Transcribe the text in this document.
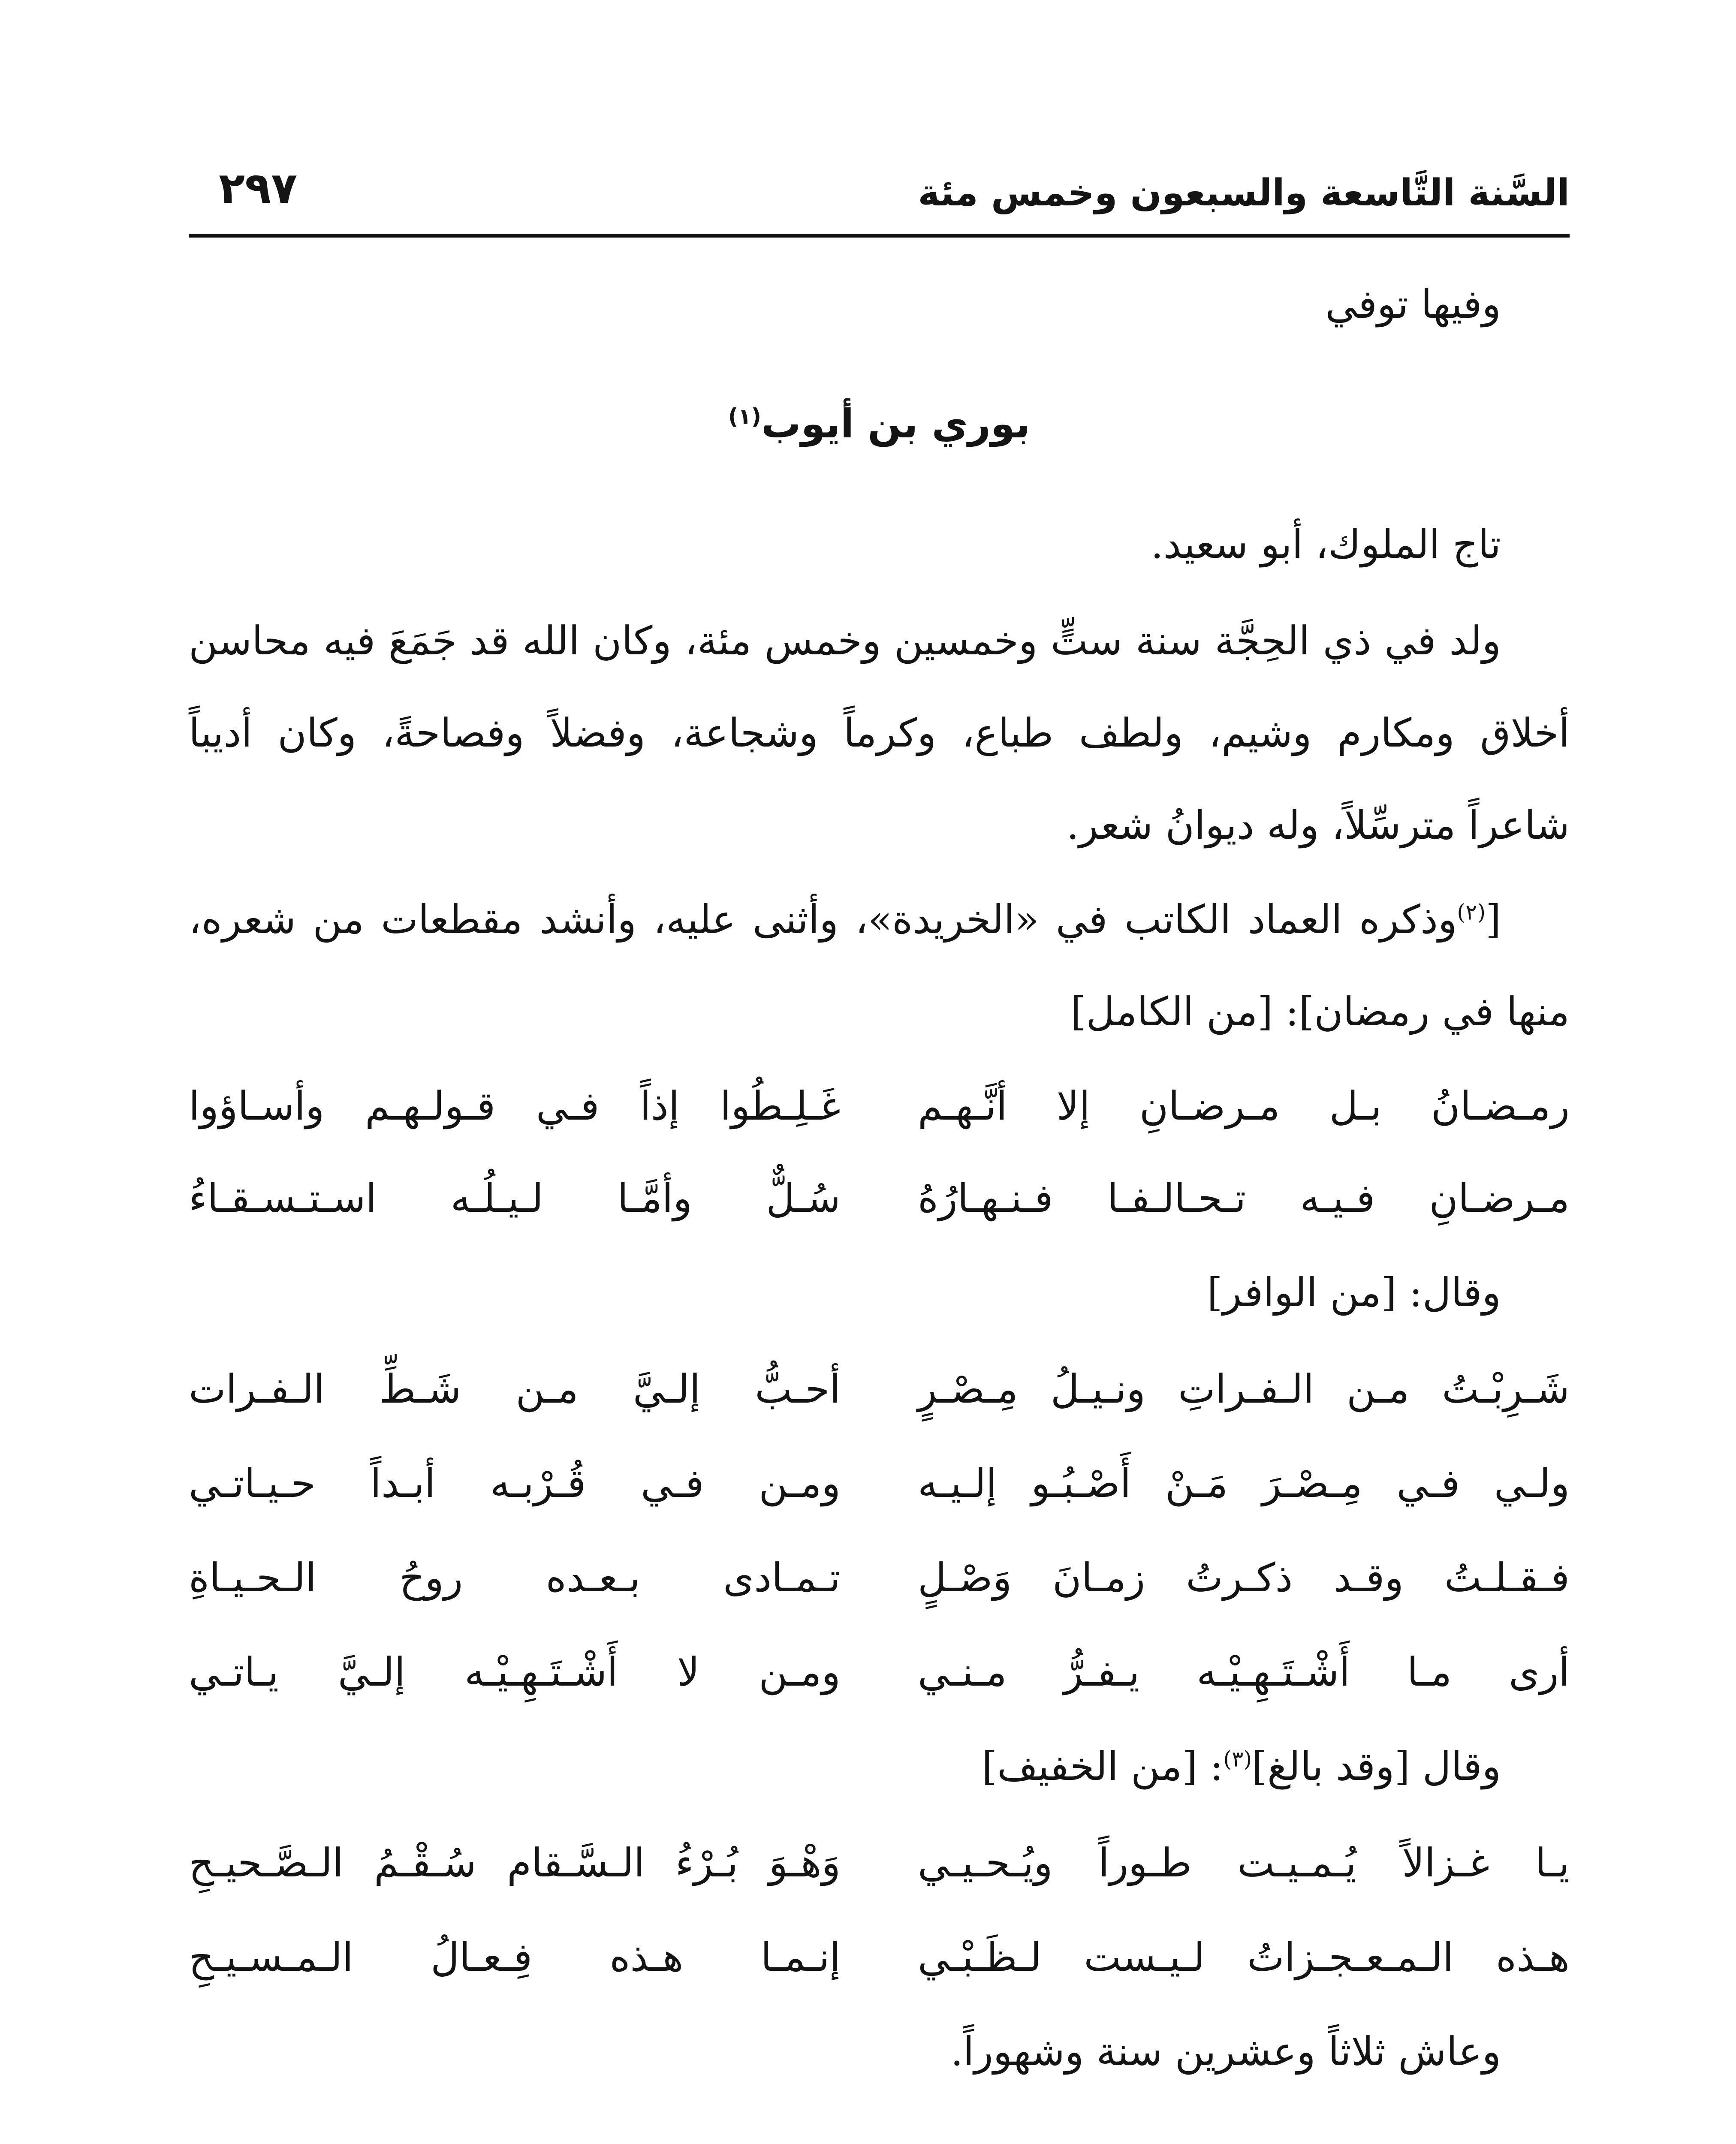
السَّنة التَّاسعة والسبعون وخمس مئة
٢٩٧
وفيها توفي
بوري بن أيوب$^{(١)}$
تاج الملوك، أبو سعيد.
ولد في ذي الحِجَّة سنة ستٍّ وخمسين وخمس مئة، وكان الله قد جَمَعَ فيه محاسن
أخلاق ومكارم وشيم، ولطف طباع، وكرماً وشجاعة، وفضلاً وفصاحةً، وكان أديباً
شاعراً مترسِّلاً، وله ديوانُ شعر.
[$^{(٢)}$وذكره العماد الكاتب في «الخريدة»، وأثنى عليه، وأنشد مقطعات من شعره،
منها في رمضان]: [من الكامل]
رمـضـانُ بـل مـرضـانِ إلا أنَّـهـم
غَـلِـطُوا إذاً فـي قـولـهـم وأسـاؤوا
مـرضـانِ فـيـه تـحـالـفـا فـنـهـارُهُ
سُـلٌّ وأمَّـا لـيـلُـه اسـتـسـقـاءُ
وقال: [من الوافر]
شَـرِبْـتُ مـن الـفـراتِ ونـيـلُ مِـصْـرٍ
أحـبُّ إلـيَّ مـن شَـطِّ الـفـرات
ولـي فـي مِـصْـرَ مَـنْ أَصْـبُـو إلـيـه
ومـن فـي قُـرْبـه أبـداً حـيـاتـي
فـقـلـتُ وقـد ذكـرتُ زمـانَ وَصْـلٍ
تـمـادى بـعـده روحُ الـحـيـاةِ
أرى مـا أَشْـتَـهِـيْـه يـفـرُّ مـنـي
ومـن لا أَشْـتَـهِـيْـه إلـيَّ يـاتـي
وقال [وقد بالغ]$^{(٣)}$: [من الخفيف]
يـا غـزالاً يُـمـيـت طـوراً ويُـحـيـي
وَهْـوَ بُـرْءُ الـسَّـقام سُـقْـمُ الـصَّـحيـحِ
هـذه الـمـعـجـزاتُ لـيـست لـظَـبْـي
إنـمـا هـذه فِـعـالُ الـمـسـيـحِ
وعاش ثلاثاً وعشرين سنة وشهوراً.
